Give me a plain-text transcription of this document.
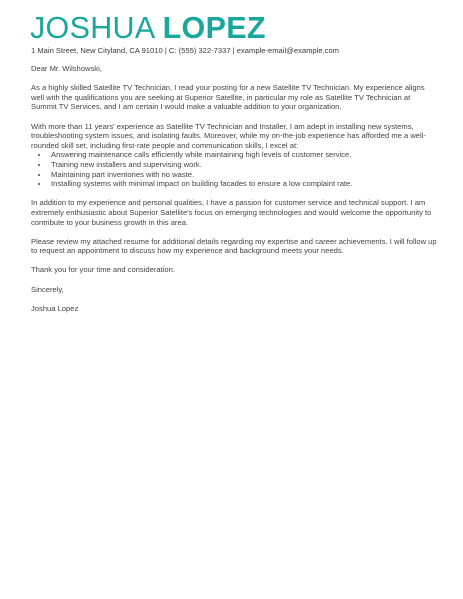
JOSHUA LOPEZ
1 Main Street, New Cityland, CA 91010 | C: (555) 322-7337 | example-email@example.com

Dear Mr. Wilshowski,

As a highly skilled Satellite TV Technician, I read your posting for a new Satellite TV Technician. My experience aligns well with the qualifications you are seeking at Superior Satellite, in particular my role as Satellite TV Technician at Summit TV Services, and I am certain I would make a valuable addition to your organization.

With more than 11 years' experience as Satellite TV Technician and Installer, I am adept in installing new systems, troubleshooting system issues, and isolating faults. Moreover, while my on-the-job experience has afforded me a well-rounded skill set, including first-rate people and communication skills, I excel at:

• Answering maintenance calls efficiently while maintaining high levels of customer service.
• Training new installers and supervising work.
• Maintaining part inventories with no waste.
• Installing systems with minimal impact on building facades to ensure a low complaint rate.

In addition to my experience and personal qualities, I have a passion for customer service and technical support. I am extremely enthusiastic about Superior Satellite's focus on emerging technologies and would welcome the opportunity to contribute to your business growth in this area.

Please review my attached resume for additional details regarding my expertise and career achievements. I will follow up to request an appointment to discuss how my experience and background meets your needs.

Thank you for your time and consideration.

Sincerely,

Joshua Lopez
